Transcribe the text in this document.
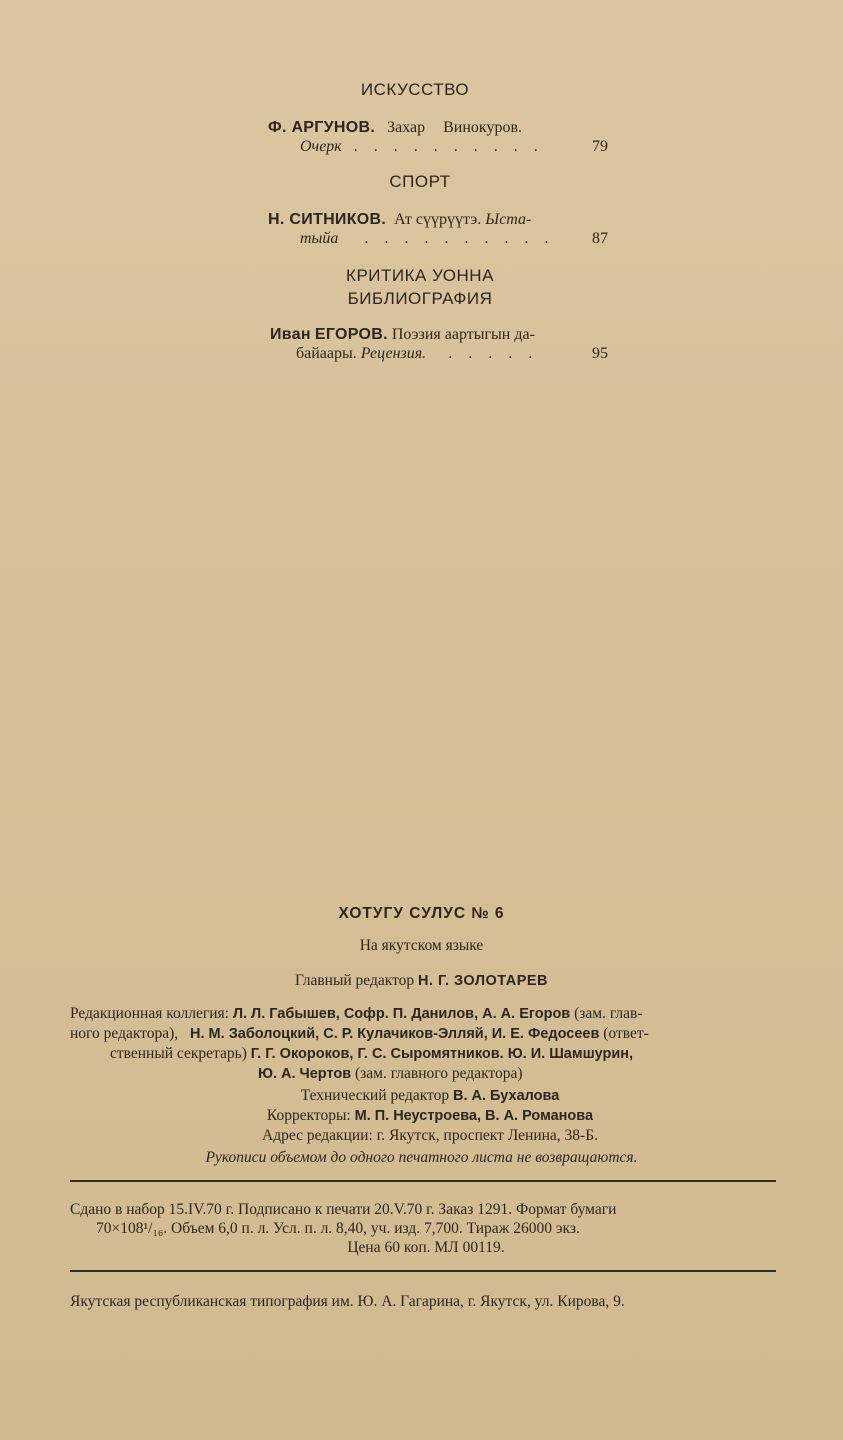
ИСКУССТВО
Ф. АРГУНОВ. Захар Винокуров.
Очерк . . . . . . . . . .	79
СПОРТ
Н. СИТНИКОВ. Ат сүүрүүтэ. Ыста-
тыйа . . . . . . . . . . 87
КРИТИКА УОННА
БИБЛИОГРАФИЯ
Иван ЕГОРОВ. Поэзия аартыгын да-
байаары. Рецензия. . . . . .	95
ХОТУГУ СУЛУС № 6
На якутском языке
Главный редактор Н. Г. ЗОЛОТАРЕВ
Редакционная коллегия: Л. Л. Габышев, Софр. П. Данилов, А. А. Егоров (зам. глав-
ного редактора), Н. М. Заболоцкий, С. Р. Кулачиков-Элляй, И. Е. Федосеев (ответ-
ственный секретарь) Г. Г. Окороков, Г. С. Сыромятников. Ю. И. Шамшурин,
Ю. А. Чертов (зам. главного редактора)
Технический редактор В. А. Бухалова
Корректоры: М. П. Неустроева, В. А. Романова
Адрес редакции: г. Якутск, проспект Ленина, 38-Б.
Рукописи объемом до одного печатного листа не возвращаются.
Сдано в набор 15.IV.70 г. Подписано к печати 20.V.70 г. Заказ 1291. Формат бумаги
70×108¹/₁₆. Объем 6,0 п. л. Усл. п. л. 8,40, уч. изд. 7,700. Тираж 26000 экз.
Цена 60 коп. МЛ 00119.
Якутская республиканская типография им. Ю. А. Гагарина, г. Якутск, ул. Кирова, 9.
